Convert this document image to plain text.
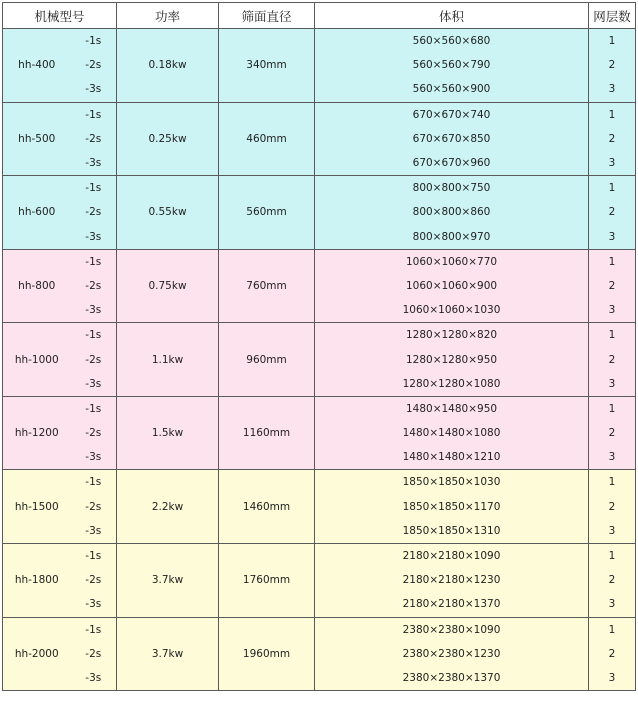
机械型号		功率	筛面直径	体积	网层数
hh-400	-1s	0.18kw	340mm	560×560×680	1
	-2s			560×560×790	2
	-3s			560×560×900	3
hh-500	-1s	0.25kw	460mm	670×670×740	1
	-2s			670×670×850	2
	-3s			670×670×960	3
hh-600	-1s	0.55kw	560mm	800×800×750	1
	-2s			800×800×860	2
	-3s			800×800×970	3
hh-800	-1s	0.75kw	760mm	1060×1060×770	1
	-2s			1060×1060×900	2
	-3s			1060×1060×1030	3
hh-1000	-1s	1.1kw	960mm	1280×1280×820	1
	-2s			1280×1280×950	2
	-3s			1280×1280×1080	3
hh-1200	-1s	1.5kw	1160mm	1480×1480×950	1
	-2s			1480×1480×1080	2
	-3s			1480×1480×1210	3
hh-1500	-1s	2.2kw	1460mm	1850×1850×1030	1
	-2s			1850×1850×1170	2
	-3s			1850×1850×1310	3
hh-1800	-1s	3.7kw	1760mm	2180×2180×1090	1
	-2s			2180×2180×1230	2
	-3s			2180×2180×1370	3
hh-2000	-1s	3.7kw	1960mm	2380×2380×1090	1
	-2s			2380×2380×1230	2
	-3s			2380×2380×1370	3
